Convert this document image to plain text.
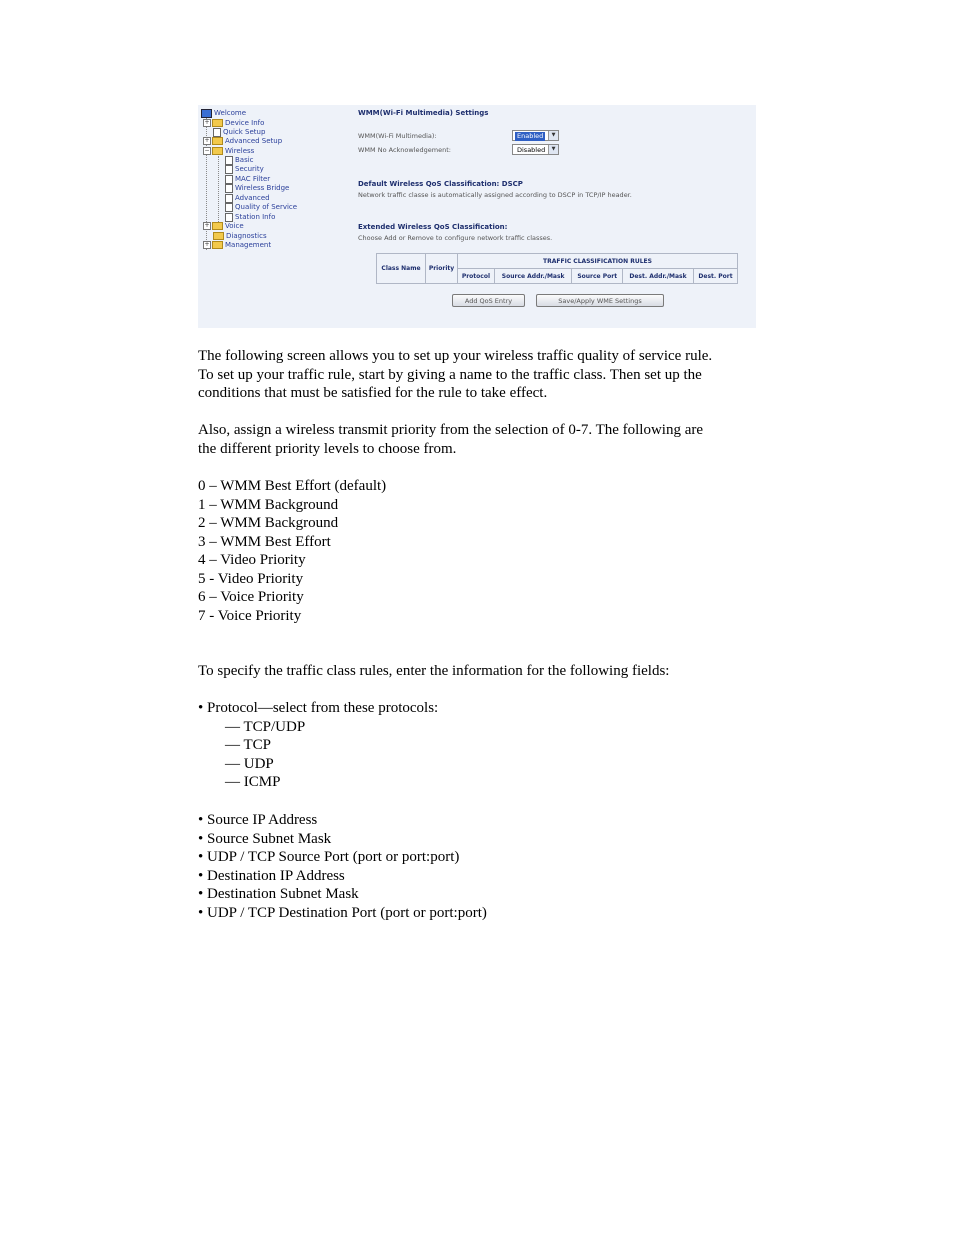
Welcome
+ Device Info
Quick Setup
+ Advanced Setup
− Wireless
Basic
Security
MAC Filter
Wireless Bridge
Advanced
Quality of Service
Station Info
+ Voice
Diagnostics
+ Management
WMM(Wi-Fi Multimedia) Settings
WMM(Wi-Fi Multimedia):	Enabled	▼
WMM No Acknowledgement:	Disabled	▼
Default Wireless QoS Classification: DSCP
Network traffic classe is automatically assigned according to DSCP in TCP/IP header.
Extended Wireless QoS Classification:
Choose Add or Remove to configure network traffic classes.
Class Name	Priority	TRAFFIC CLASSIFICATION RULES				
		Protocol	Source Addr./Mask	Source Port	Dest. Addr./Mask	Dest. Port
Add QoS Entry	Save/Apply WME Settings
The following screen allows you to set up your wireless traffic quality of service rule.
To set up your traffic rule, start by giving a name to the traffic class. Then set up the
conditions that must be satisfied for the rule to take effect.
Also, assign a wireless transmit priority from the selection of 0-7. The following are
the different priority levels to choose from.
0 – WMM Best Effort (default)
1 – WMM Background
2 – WMM Background
3 – WMM Best Effort
4 – Video Priority
5 - Video Priority
6 – Voice Priority
7 - Voice Priority
To specify the traffic class rules, enter the information for the following fields:
• Protocol—select from these protocols:
— TCP/UDP
— TCP
— UDP
— ICMP
• Source IP Address
• Source Subnet Mask
• UDP / TCP Source Port (port or port:port)
• Destination IP Address
• Destination Subnet Mask
• UDP / TCP Destination Port (port or port:port)
